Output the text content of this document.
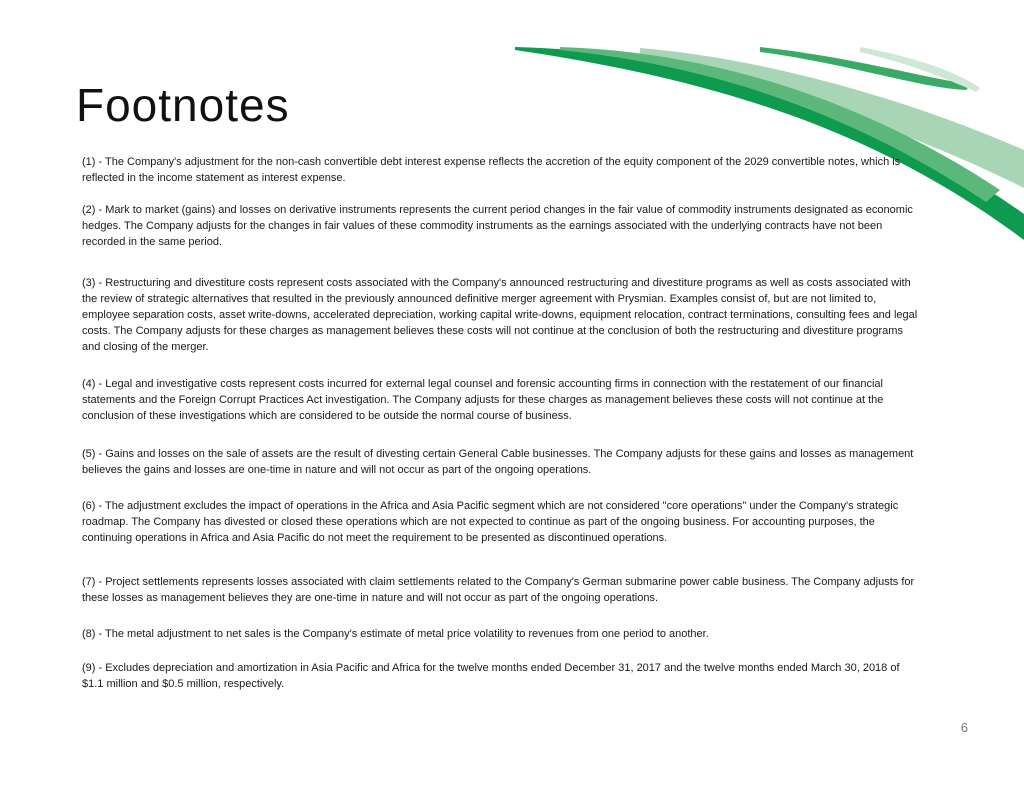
Footnotes

(1) - The Company's adjustment for the non-cash convertible debt interest expense reflects the accretion of the equity component of the 2029 convertible notes, which is reflected in the income statement as interest expense.

(2) - Mark to market (gains) and losses on derivative instruments represents the current period changes in the fair value of commodity instruments designated as economic hedges. The Company adjusts for the changes in fair values of these commodity instruments as the earnings associated with the underlying contracts have not been recorded in the same period.

(3) - Restructuring and divestiture costs represent costs associated with the Company's announced restructuring and divestiture programs as well as costs associated with the review of strategic alternatives that resulted in the previously announced definitive merger agreement with Prysmian. Examples consist of, but are not limited to, employee separation costs, asset write-downs, accelerated depreciation, working capital write-downs, equipment relocation, contract terminations, consulting fees and legal costs. The Company adjusts for these charges as management believes these costs will not continue at the conclusion of both the restructuring and divestiture programs and closing of the merger.

(4) - Legal and investigative costs represent costs incurred for external legal counsel and forensic accounting firms in connection with the restatement of our financial statements and the Foreign Corrupt Practices Act investigation. The Company adjusts for these charges as management believes these costs will not continue at the conclusion of these investigations which are considered to be outside the normal course of business.

(5) - Gains and losses on the sale of assets are the result of divesting certain General Cable businesses. The Company adjusts for these gains and losses as management believes the gains and losses are one-time in nature and will not occur as part of the ongoing operations.

(6) - The adjustment excludes the impact of operations in the Africa and Asia Pacific segment which are not considered "core operations" under the Company's strategic roadmap. The Company has divested or closed these operations which are not expected to continue as part of the ongoing business. For accounting purposes, the continuing operations in Africa and Asia Pacific do not meet the requirement to be presented as discontinued operations.

(7) - Project settlements represents losses associated with claim settlements related to the Company's German submarine power cable business. The Company adjusts for these losses as management believes they are one-time in nature and will not occur as part of the ongoing operations.

(8) - The metal adjustment to net sales is the Company's estimate of metal price volatility to revenues from one period to another.

(9) - Excludes depreciation and amortization in Asia Pacific and Africa for the twelve months ended December 31, 2017 and the twelve months ended March 30, 2018 of $1.1 million and $0.5 million, respectively.

6
